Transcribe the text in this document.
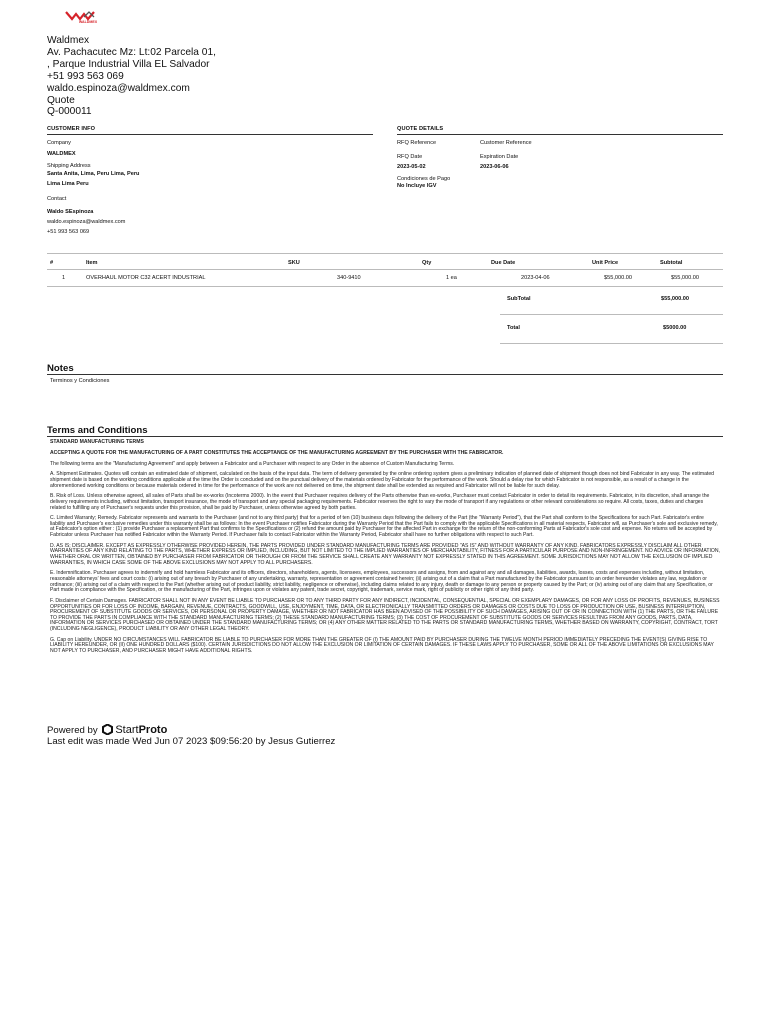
WALDMEX
Waldmex
Av. Pachacutec Mz: Lt:02 Parcela 01,
, Parque Industrial Villa EL Salvador
+51 993 563 069
waldo.espinoza@waldmex.com
Quote
Q-000011
CUSTOMER INFO
Company
WALDMEX
Shipping Address
Santa Anita, Lima, Peru Lima, Peru
Lima Lima Peru
Contact
Waldo SEspinoza
waldo.espinoza@waldmex.com
+51 993 563 069
QUOTE DETAILS
RFQ Reference	Customer Reference
RFQ Date
2023-05-02
Expiration Date
2023-06-06
Condiciones de Pago
No Incluye IGV
#	Item	SKU	Qty	Due Date	Unit Price	Subtotal
1	OVERHAUL MOTOR C32 ACERT INDUSTRIAL	340-9410	1 ea	2023-04-06	$55,000.00	$55,000.00
SubTotal	$55,000.00
Total	$5000.00
Notes
Terminos y Condiciones
Terms and Conditions

STANDARD MANUFACTURING TERMS

ACCEPTING A QUOTE FOR THE MANUFACTURING OF A PART CONSTITUTES THE ACCEPTANCE OF THE MANUFACTURING AGREEMENT BY THE PURCHASER WITH THE FABRICATOR.

The following terms are the "Manufacturing Agreement" and apply between a Fabricator and a Purchaser with respect to any Order in the absence of Custom Manufacturing Terms.

A. Shipment Estimates. Quotes will contain an estimated date of shipment, calculated on the basis of the input data. The term of delivery generated by the online ordering system gives a preliminary indication of planned date of shipment though does not bind Fabricator in any way. The estimated shipment date is based on the working conditions applicable at the time the Order is concluded and on the punctual delivery of the materials ordered by Fabricator for the performance of the work. Should a delay rise for which Fabricator is not responsible, as a result of a change in the aforementioned working conditions or because materials ordered in time for the performance of the work are not delivered on time, the shipment date shall be extended as required and Fabricator will not be liable for such delay.

B. Risk of Loss. Unless otherwise agreed, all sales of Parts shall be ex-works (Incoterms 2000). In the event that Purchaser requires delivery of the Parts otherwise than ex-works, Purchaser must contact Fabricator in order to detail its requirements. Fabricator, in its discretion, shall arrange the delivery requirements including, without limitation, transport insurance, the mode of transport and any special packaging requirements. Fabricator reserves the right to vary the mode of transport if any regulations or other relevant considerations so require. All costs, taxes, duties and charges related to fulfilling any of Purchaser's requests under this provision, shall be paid by Purchaser, unless otherwise agreed by both parties.

C. Limited Warranty; Remedy. Fabricator represents and warrants to the Purchaser (and not to any third party) that for a period of ten (10) business days following the delivery of the Part (the "Warranty Period"), that the Part shall conform to the Specifications for such Part. Fabricator's entire liability and Purchaser's exclusive remedies under this warranty shall be as follows: In the event Purchaser notifies Fabricator during the Warranty Period that the Part fails to comply with the applicable Specifications in all material respects, Fabricator will, as Purchaser's sole and exclusive remedy, at Fabricator's option either : (1) provide Purchaser a replacement Part that confirms to the Specifications or (2) refund the amount paid by Purchaser for the affected Part in exchange for the return of the non-conforming Parts at Fabricator's sole cost and expense. No returns will be accepted by Fabricator unless Purchaser has notified Fabricator within the Warranty Period. If Purchaser fails to contact Fabricator within the Warranty Period, Fabricator shall have no further obligations with respect to such Part.

D. AS IS; DISCLAIMER. EXCEPT AS EXPRESSLY OTHERWISE PROVIDED HEREIN, THE PARTS PROVIDED UNDER STANDARD MANUFACTURING TERMS ARE PROVIDED "AS IS" AND WITHOUT WARRANTY OF ANY KIND. FABRICATORS EXPRESSLY DISCLAIM ALL OTHER WARRANTIES OF ANY KIND RELATING TO THE PARTS, WHETHER EXPRESS OR IMPLIED, INCLUDING, BUT NOT LIMITED TO THE IMPLIED WARRANTIES OF MERCHANTABILITY, FITNESS FOR A PARTICULAR PURPOSE AND NON-INFRINGEMENT. NO ADVICE OR INFORMATION, WHETHER ORAL OR WRITTEN, OBTAINED BY PURCHASER FROM FABRICATOR OR THROUGH OR FROM THE SERVICE SHALL CREATE ANY WARRANTY NOT EXPRESSLY STATED IN THIS AGREEMENT. SOME JURISDICTIONS MAY NOT ALLOW THE EXCLUSION OF IMPLIED WARRANTIES, IN WHICH CASE SOME OF THE ABOVE EXCLUSIONS MAY NOT APPLY TO ALL PURCHASERS.

E. Indemnification. Purchaser agrees to indemnify and hold harmless Fabricator and its officers, directors, shareholders, agents, licensees, employees, successors and assigns, from and against any and all damages, liabilities, awards, losses, costs and expenses including, without limitation, reasonable attorneys' fees and court costs: (i) arising out of any breach by Purchaser of any undertaking, warranty, representation or agreement contained herein; (ii) arising out of a claim that a Part manufactured by the Fabricator pursuant to an order hereunder violates any law, regulation or ordinance; (iii) arising out of a claim with respect to the Part (whether arising out of product liability, strict liability, negligence or otherwise), including claims related to any injury, death or damage to any person or property caused by the Part; or (iv) arising out of any claim that any Specification, or Part made in compliance with the Specification, or the manufacturing of the Part, infringes upon or violates any patent, trade secret, copyright, trademark, service mark, right of publicity or other right of any third party.

F. Disclaimer of Certain Damages. FABRICATOR SHALL NOT IN ANY EVENT BE LIABLE TO PURCHASER OR TO ANY THIRD PARTY FOR ANY INDIRECT, INCIDENTAL, CONSEQUENTIAL, SPECIAL OR EXEMPLARY DAMAGES, OR FOR ANY LOSS OF PROFITS, REVENUES, BUSINESS OPPORTUNITIES OR FOR LOSS OF INCOME, BARGAIN, REVENUE, CONTRACTS, GOODWILL, USE, ENJOYMENT, TIME, DATA, OR ELECTRONICALLY TRANSMITTED ORDERS OR DAMAGES OR COSTS DUE TO LOSS OF PRODUCTION OR USE, BUSINESS INTERRUPTION, PROCUREMENT OF SUBSTITUTE GOODS OR SERVICES, OR PERSONAL OR PROPERTY DAMAGE, WHETHER OR NOT FABRICATOR HAS BEEN ADVISED OF THE POSSIBILITY OF SUCH DAMAGES, ARISING OUT OF OR IN CONNECTION WITH (1) THE PARTS, OR THE FAILURE TO PROVIDE THE PARTS IN COMPLIANCE WITH THE STANDARD MANUFACTURING TERMS; (2) THESE STANDARD MANUFACTURING TERMS; (3) THE COST OF PROCUREMENT OF SUBSTITUTE GOODS OR SERVICES RESULTING FROM ANY GOODS, PARTS, DATA, INFORMATION OR SERVICES PURCHASED OR OBTAINED UNDER THE STANDARD MANUFACTURING TERMS; OR (4) ANY OTHER MATTER RELATED TO THE PARTS OR STANDARD MANUFACTURING TERMS, WHETHER BASED ON WARRANTY, COPYRIGHT, CONTRACT, TORT (INCLUDING NEGLIGENCE), PRODUCT LIABILITY OR ANY OTHER LEGAL THEORY.

G. Cap on Liability. UNDER NO CIRCUMSTANCES WILL FABRICATOR BE LIABLE TO PURCHASER FOR MORE THAN THE GREATER OF (I) THE AMOUNT PAID BY PURCHASER DURING THE TWELVE MONTH PERIOD IMMEDIATELY PRECEDING THE EVENT(S) GIVING RISE TO LIABILITY HEREUNDER, OR (II) ONE HUNDRED DOLLARS ($100). CERTAIN JURISDICTIONS DO NOT ALLOW THE EXCLUSION OR LIMITATION OF CERTAIN DAMAGES. IF THESE LAWS APPLY TO PURCHASER, SOME OR ALL OF THE ABOVE LIMITATIONS OR EXCLUSIONS MAY NOT APPLY TO PURCHASER, AND PURCHASER MIGHT HAVE ADDITIONAL RIGHTS.

Powered by StartProto
Last edit was made Wed Jun 07 2023 $09:56:20 by Jesus Gutierrez
